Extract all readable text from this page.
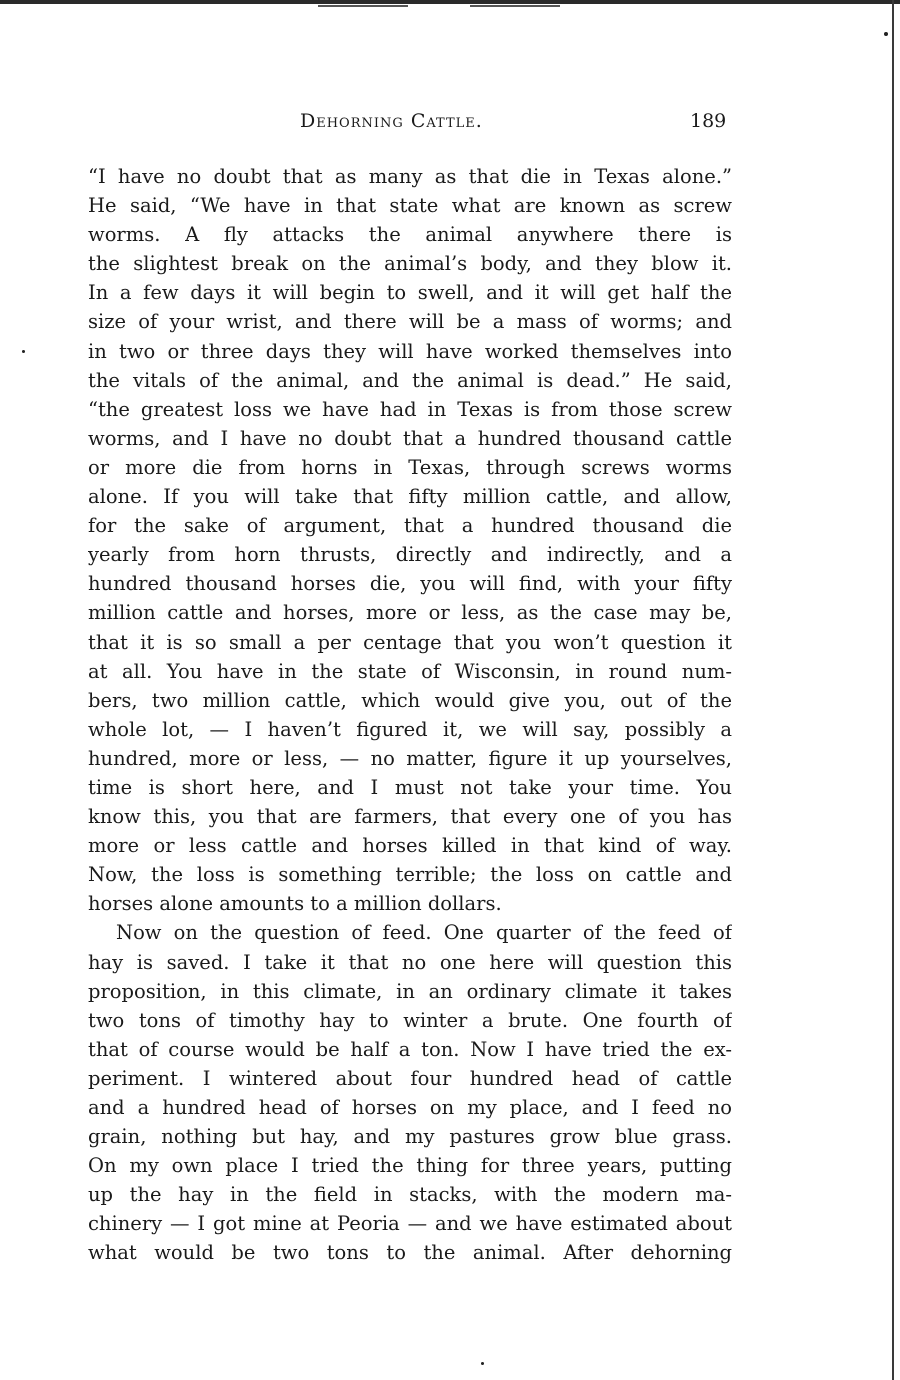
Dehorning Cattle.	189
“I have no doubt that as many as that die in Texas alone.”
He said, “We have in that state what are known as screw
worms. A fly attacks the animal anywhere there is
the slightest break on the animal’s body, and they blow it.
In a few days it will begin to swell, and it will get half the
size of your wrist, and there will be a mass of worms; and
in two or three days they will have worked themselves into
the vitals of the animal, and the animal is dead.” He said,
“the greatest loss we have had in Texas is from those screw
worms, and I have no doubt that a hundred thousand cattle
or more die from horns in Texas, through screws worms
alone. If you will take that fifty million cattle, and allow,
for the sake of argument, that a hundred thousand die
yearly from horn thrusts, directly and indirectly, and a
hundred thousand horses die, you will find, with your fifty
million cattle and horses, more or less, as the case may be,
that it is so small a per centage that you won’t question it
at all. You have in the state of Wisconsin, in round num-
bers, two million cattle, which would give you, out of the
whole lot, — I haven’t figured it, we will say, possibly a
hundred, more or less, — no matter, figure it up yourselves,
time is short here, and I must not take your time. You
know this, you that are farmers, that every one of you has
more or less cattle and horses killed in that kind of way.
Now, the loss is something terrible; the loss on cattle and
horses alone amounts to a million dollars.
Now on the question of feed. One quarter of the feed of
hay is saved. I take it that no one here will question this
proposition, in this climate, in an ordinary climate it takes
two tons of timothy hay to winter a brute. One fourth of
that of course would be half a ton. Now I have tried the ex-
periment. I wintered about four hundred head of cattle
and a hundred head of horses on my place, and I feed no
grain, nothing but hay, and my pastures grow blue grass.
On my own place I tried the thing for three years, putting
up the hay in the field in stacks, with the modern ma-
chinery — I got mine at Peoria — and we have estimated about
what would be two tons to the animal. After dehorning
